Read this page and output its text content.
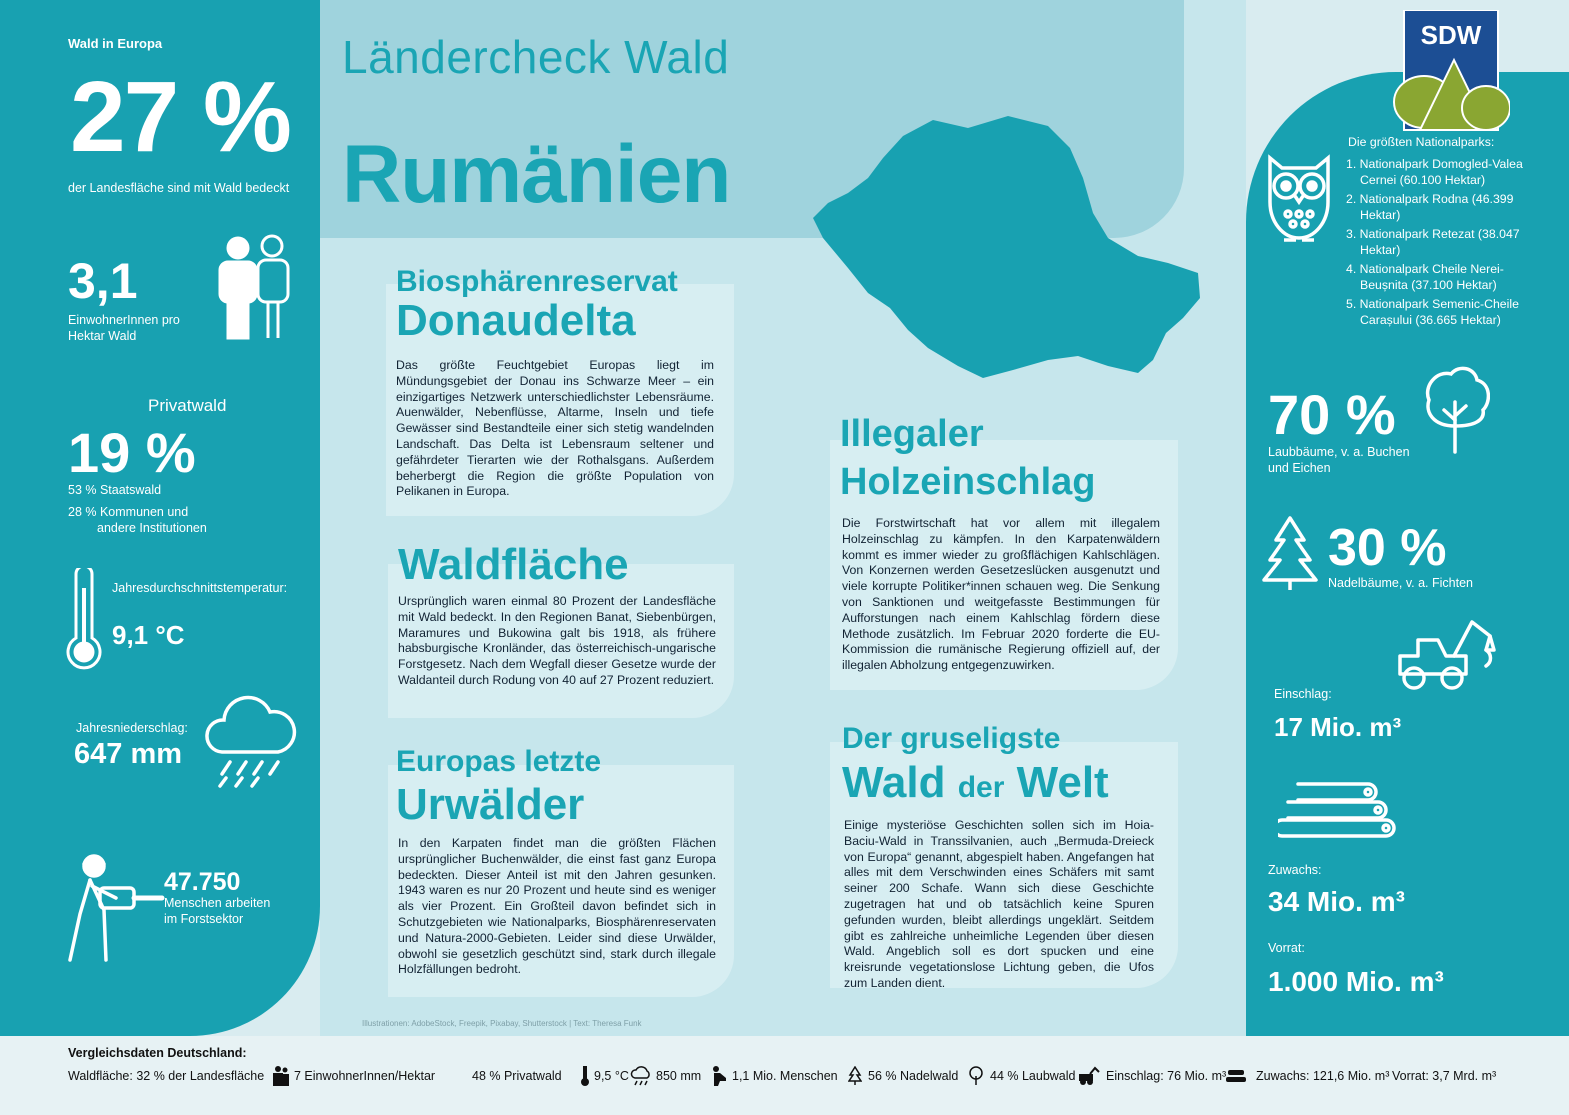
Ländercheck Wald
Rumänien
SDW
Wald in Europa
27 %
der Landesfläche sind mit Wald bedeckt
3,1
EinwohnerInnen pro
Hektar Wald
Privatwald
19 %
53 % Staatswald
28 % Kommunen und
andere Institutionen
Jahresdurchschnittstemperatur:
9,1 °C
Jahresniederschlag:
647 mm
47.750
Menschen arbeiten
im Forstsektor
Biosphärenreservat
Donaudelta

Das größte Feuchtgebiet Europas liegt im Mündungsgebiet der Donau ins Schwarze Meer – ein einzigartiges Netzwerk unterschiedlichster Lebensräume. Auenwälder, Nebenflüsse, Altarme, Inseln und tiefe Gewässer sind Bestandteile einer sich stetig wandelnden Landschaft. Das Delta ist Lebensraum seltener und gefährdeter Tierarten wie der Rothalsgans. Außerdem beherbergt die Region die größte Population von Pelikanen in Europa.

Waldfläche

Ursprünglich waren einmal 80 Prozent der Landesfläche mit Wald bedeckt. In den Regionen Banat, Siebenbürgen, Maramures und Bukowina galt bis 1918, als frühere habsburgische Kronländer, das österreichisch-ungarische Forstgesetz. Nach dem Wegfall dieser Gesetze wurde der Waldanteil durch Rodung von 40 auf 27 Prozent reduziert.

Europas letzte
Urwälder

In den Karpaten findet man die größten Flächen ursprünglicher Buchenwälder, die einst fast ganz Europa bedeckten. Dieser Anteil ist mit den Jahren gesunken. 1943 waren es nur 20 Prozent und heute sind es weniger als vier Prozent. Ein Großteil davon befindet sich in Schutzgebieten wie Nationalparks, Biosphärenreservaten und Natura-2000-Gebieten. Leider sind diese Urwälder, obwohl sie gesetzlich geschützt sind, stark durch illegale Holzfällungen bedroht.

Illegaler
Holzeinschlag

Die Forstwirtschaft hat vor allem mit illegalem Holzeinschlag zu kämpfen. In den Karpatenwäldern kommt es immer wieder zu großflächigen Kahlschlägen. Von Konzernen werden Gesetzeslücken ausgenutzt und viele korrupte Politiker*innen schauen weg. Die Senkung von Sanktionen und weitgefasste Bestimmungen für Aufforstungen nach einem Kahlschlag fördern diese Methode zusätzlich. Im Februar 2020 forderte die EU-Kommission die rumänische Regierung offiziell auf, der illegalen Abholzung entgegenzuwirken.

Der gruseligste
Wald der Welt

Einige mysteriöse Geschichten sollen sich im Hoia-Baciu-Wald in Transsilvanien, auch „Bermuda-Dreieck von Europa“ genannt, abgespielt haben. Angefangen hat alles mit dem Verschwinden eines Schäfers mit samt seiner 200 Schafe. Wann sich diese Geschichte zugetragen hat und ob tatsächlich keine Spuren gefunden wurden, bleibt allerdings ungeklärt. Seitdem gibt es zahlreiche unheimliche Legenden über diesen Wald. Angeblich soll es dort spucken und eine kreisrunde vegetationslose Lichtung geben, die Ufos zum Landen dient.

Illustrationen: AdobeStock, Freepik, Pixabay, Shutterstock | Text: Theresa Funk
Die größten Nationalparks:
1. Nationalpark Domogled-Valea Cernei (60.100 Hektar)
2. Nationalpark Rodna (46.399 Hektar)
3. Nationalpark Retezat (38.047 Hektar)
4. Nationalpark Cheile Nerei-Beușnita (37.100 Hektar)
5. Nationalpark Semenic-Cheile Carașului (36.665 Hektar)
70 %
Laubbäume, v. a. Buchen
und Eichen
30 %
Nadelbäume, v. a. Fichten
Einschlag:
17 Mio. m³
Zuwachs:
34 Mio. m³
Vorrat:
1.000 Mio. m³
Vergleichsdaten Deutschland:
Waldfläche: 32 % der Landesfläche 7 EinwohnerInnen/Hektar	48 % Privatwald	9,5 °C 850 mm 1,1 Mio. Menschen 56 % Nadelwald	44 % Laubwald Einschlag: 76 Mio. m³ Zuwachs: 121,6 Mio. m³ Vorrat: 3,7 Mrd. m³
